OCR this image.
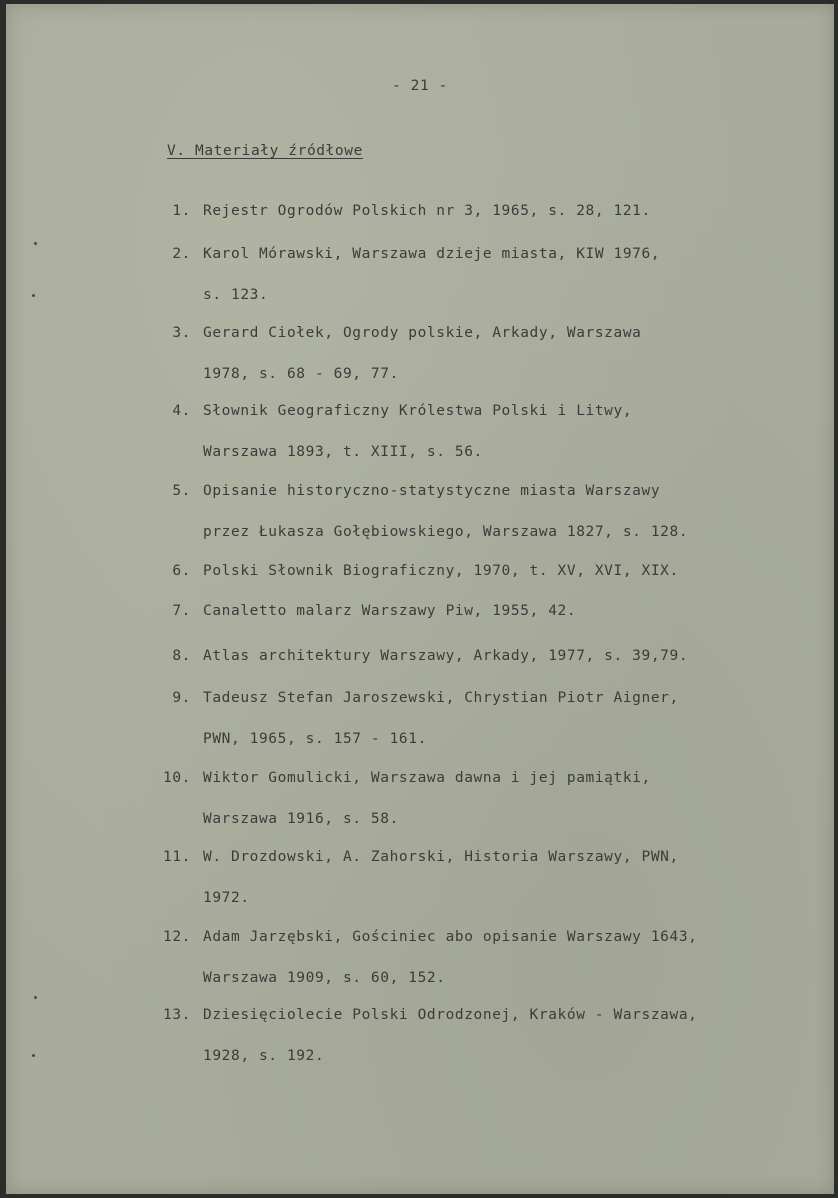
- 21 -
V. Materiały źródłowe
1. Rejestr Ogrodów Polskich nr 3, 1965, s. 28, 121.
2. Karol Mórawski, Warszawa dzieje miasta, KIW 1976,
s. 123.
3. Gerard Ciołek, Ogrody polskie, Arkady, Warszawa
1978, s. 68 - 69, 77.
4. Słownik Geograficzny Królestwa Polski i Litwy,
Warszawa 1893, t. XIII, s. 56.
5. Opisanie historyczno-statystyczne miasta Warszawy
przez Łukasza Gołębiowskiego, Warszawa 1827, s. 128.
6. Polski Słownik Biograficzny, 1970, t. XV, XVI, XIX.
7. Canaletto malarz Warszawy Piw, 1955, 42.
8. Atlas architektury Warszawy, Arkady, 1977, s. 39,79.
9. Tadeusz Stefan Jaroszewski, Chrystian Piotr Aigner,
PWN, 1965, s. 157 - 161.
10. Wiktor Gomulicki, Warszawa dawna i jej pamiątki,
Warszawa 1916, s. 58.
11. W. Drozdowski, A. Zahorski, Historia Warszawy, PWN,
1972.
12. Adam Jarzębski, Gościniec abo opisanie Warszawy 1643,
Warszawa 1909, s. 60, 152.
13. Dziesięciolecie Polski Odrodzonej, Kraków - Warszawa,
1928, s. 192.
